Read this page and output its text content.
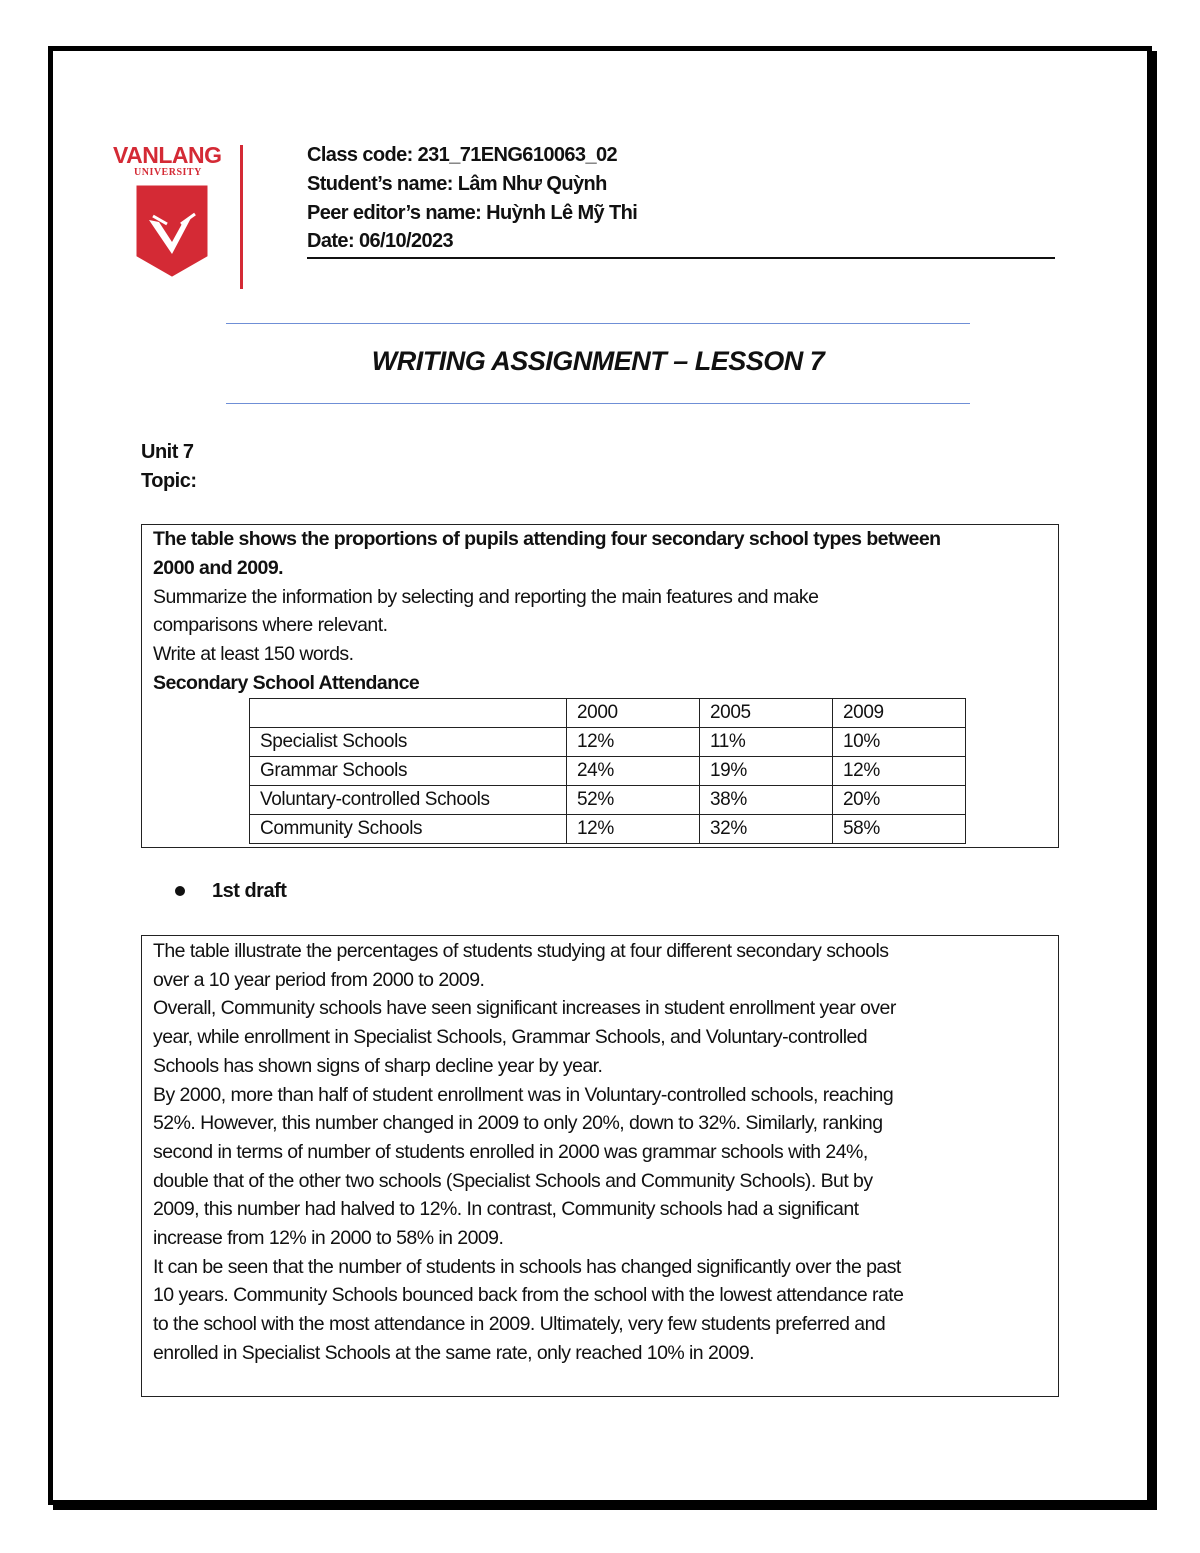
VANLANG
UNIVERSITY
Class code: 231_71ENG610063_02
Student’s name: Lâm Như Quỳnh
Peer editor’s name: Huỳnh Lê Mỹ Thi
Date: 06/10/2023
WRITING ASSIGNMENT – LESSON 7
Unit 7
Topic:
The table shows the proportions of pupils attending four secondary school types between
2000 and 2009.
Summarize the information by selecting and reporting the main features and make
comparisons where relevant.
Write at least 150 words.
Secondary School Attendance
	2000	2005	2009
Specialist Schools	12%	11%	10%
Grammar Schools	24%	19%	12%
Voluntary-controlled Schools	52%	38%	20%
Community Schools	12%	32%	58%
1st draft
The table illustrate the percentages of students studying at four different secondary schools
over a 10 year period from 2000 to 2009.
Overall, Community schools have seen significant increases in student enrollment year over
year, while enrollment in Specialist Schools, Grammar Schools, and Voluntary-controlled
Schools has shown signs of sharp decline year by year.
By 2000, more than half of student enrollment was in Voluntary-controlled schools, reaching
52%. However, this number changed in 2009 to only 20%, down to 32%. Similarly, ranking
second in terms of number of students enrolled in 2000 was grammar schools with 24%,
double that of the other two schools (Specialist Schools and Community Schools). But by
2009, this number had halved to 12%. In contrast, Community schools had a significant
increase from 12% in 2000 to 58% in 2009.
It can be seen that the number of students in schools has changed significantly over the past
10 years. Community Schools bounced back from the school with the lowest attendance rate
to the school with the most attendance in 2009. Ultimately, very few students preferred and
enrolled in Specialist Schools at the same rate, only reached 10% in 2009.
